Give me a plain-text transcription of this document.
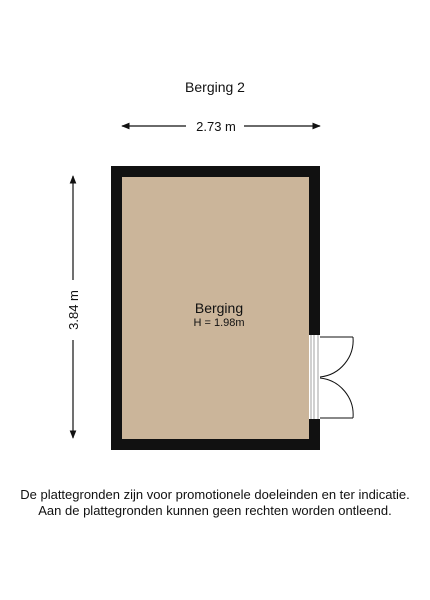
Berging 2
2.73 m
3.84 m	Berging
H = 1.98m
De plattegronden zijn voor promotionele doeleinden en ter indicatie.
Aan de plattegronden kunnen geen rechten worden ontleend.
